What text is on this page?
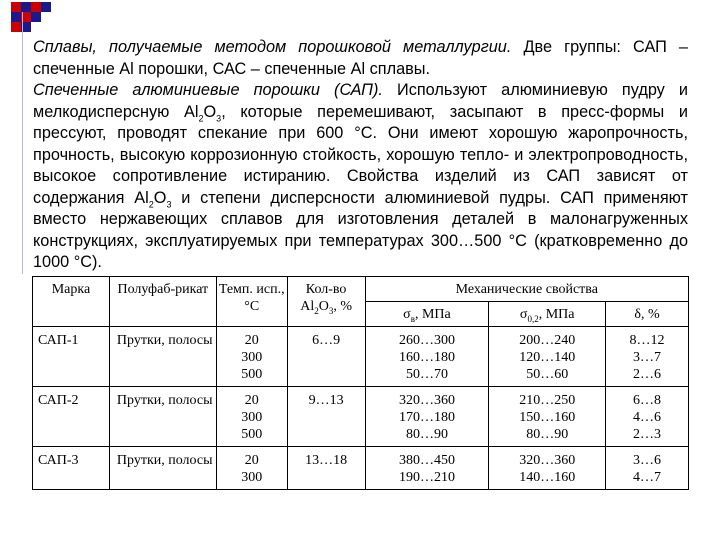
Сплавы, получаемые методом порошковой металлургии. Две группы: САП – спеченные Al порошки, САС – спеченные Al сплавы.

Спеченные алюминиевые порошки (САП). Используют алюминиевую пудру и мелкодисперсную $Al_2O_3$, которые перемешивают, засыпают в пресс-формы и прессуют, проводят спекание при 600 °С. Они имеют хорошую жаропрочность, прочность, высокую коррозионную стойкость, хорошую тепло- и электропроводность, высокое сопротивление истиранию. Свойства изделий из САП зависят от содержания $Al_2O_3$ и степени дисперсности алюминиевой пудры. САП применяют вместо нержавеющих сплавов для изготовления деталей в малонагруженных конструкциях, эксплуатируемых при температурах 300…500 °С (кратковременно до 1000 °С).

Марка	Полуфаб-рикат	Темп. исп., °С	Кол-во $Al_2O_3$, %	Механические свойства		
				$\sigma_в$, МПа	$\sigma_{0,2}$, МПа	δ, %
САП-1	Прутки, полосы	20
300
500	6…9	260…300
160…180
50…70	200…240
120…140
50…60	8…12
3…7
2…6
САП-2	Прутки, полосы	20
300
500	9…13	320…360
170…180
80…90	210…250
150…160
80…90	6…8
4…6
2…3
САП-3	Прутки, полосы	20
300	13…18	380…450
190…210	320…360
140…160	3…6
4…7
